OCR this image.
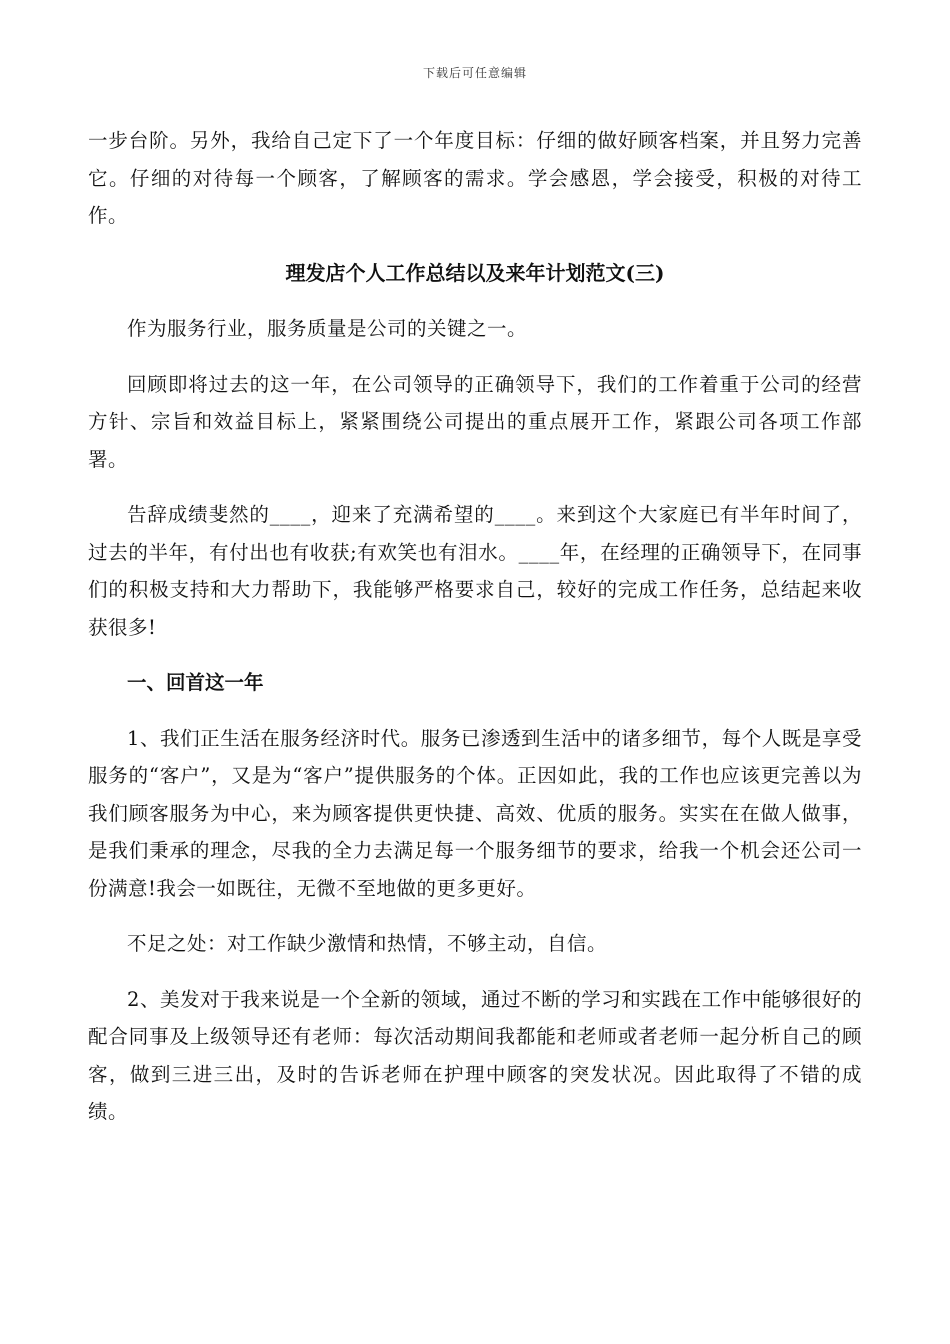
下载后可任意编辑

一步台阶。另外，我给自己定下了一个年度目标：仔细的做好顾客档案，并且努力完善它。仔细的对待每一个顾客，了解顾客的需求。学会感恩，学会接受，积极的对待工作。

理发店个人工作总结以及来年计划范文(三)

作为服务行业，服务质量是公司的关键之一。

回顾即将过去的这一年，在公司领导的正确领导下，我们的工作着重于公司的经营方针、宗旨和效益目标上，紧紧围绕公司提出的重点展开工作，紧跟公司各项工作部署。

告辞成绩斐然的____，迎来了充满希望的____。来到这个大家庭已有半年时间了，过去的半年，有付出也有收获;有欢笑也有泪水。____年，在经理的正确领导下，在同事们的积极支持和大力帮助下，我能够严格要求自己，较好的完成工作任务，总结起来收获很多!

一、回首这一年

1、我们正生活在服务经济时代。服务已渗透到生活中的诸多细节，每个人既是享受服务的“客户”，又是为“客户”提供服务的个体。正因如此，我的工作也应该更完善以为我们顾客服务为中心，来为顾客提供更快捷、高效、优质的服务。实实在在做人做事，是我们秉承的理念，尽我的全力去满足每一个服务细节的要求，给我一个机会还公司一份满意!我会一如既往，无微不至地做的更多更好。

不足之处：对工作缺少激情和热情，不够主动，自信。

2、美发对于我来说是一个全新的领域，通过不断的学习和实践在工作中能够很好的配合同事及上级领导还有老师：每次活动期间我都能和老师或者老师一起分析自己的顾客，做到三进三出，及时的告诉老师在护理中顾客的突发状况。因此取得了不错的成绩。
